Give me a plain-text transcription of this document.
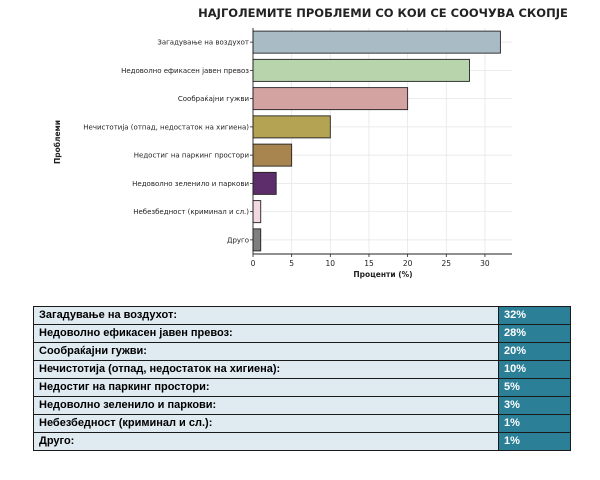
НАЈГОЛЕМИТЕ ПРОБЛЕМИ СО КОИ СЕ СООЧУВА СКОПЈЕ
Загадување на воздухот
Недоволно ефикасен јавен превоз
Сообраќајни гужви
Нечистотија (отпад, недостаток на хигиена)
Недостиг на паркинг простори
Недоволно зеленило и паркови
Небезбедност (криминал и сл.)
Друго
0	5	10	15	20	25	30
Проценти (%)
Проблеми
Загадување на воздухот:	32%
Недоволно ефикасен јавен превоз:	28%
Сообраќајни гужви:	20%
Нечистотија (отпад, недостаток на хигиена):	10%
Недостиг на паркинг простори:	5%
Недоволно зеленило и паркови:	3%
Небезбедност (криминал и сл.):	1%
Друго:	1%
